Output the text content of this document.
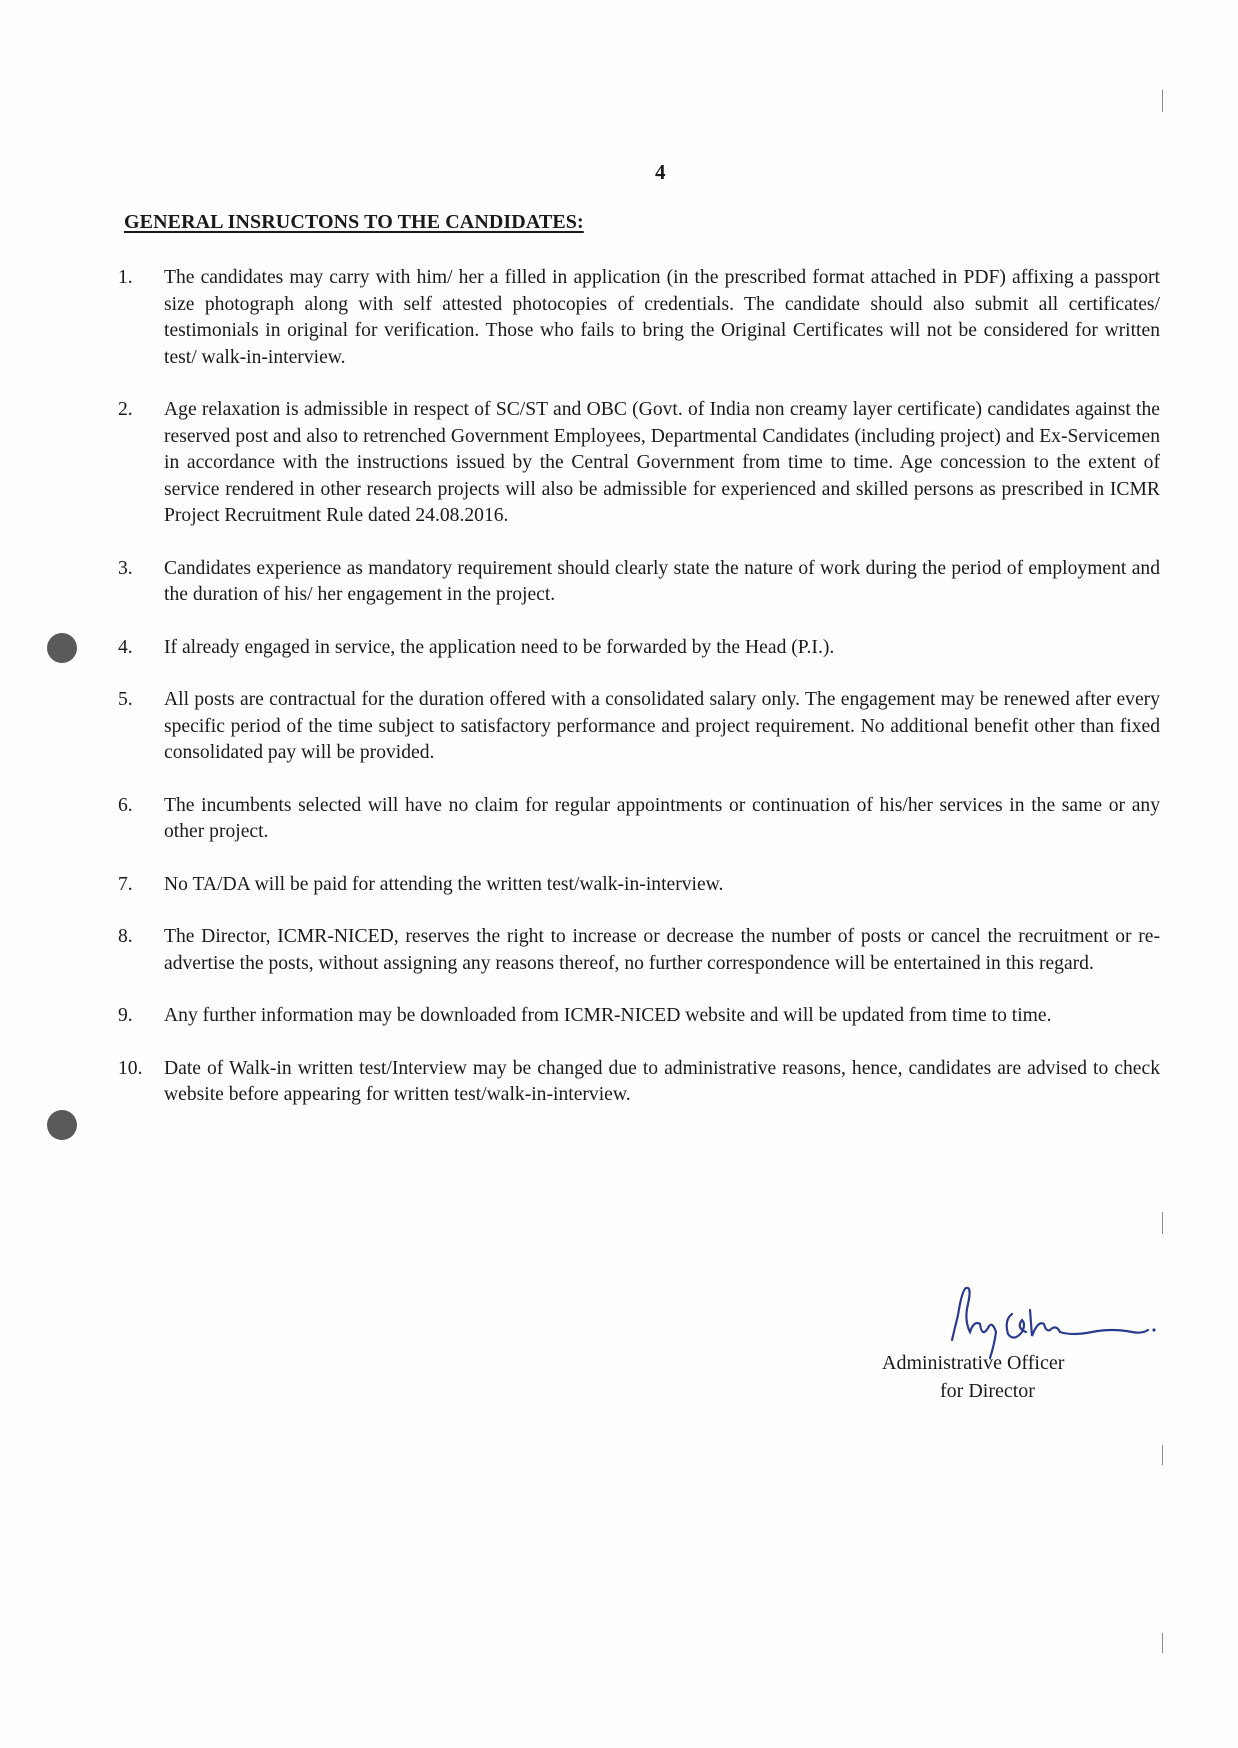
4
GENERAL INSRUCTONS TO THE CANDIDATES:
1.	The candidates may carry with him/ her a filled in application (in the prescribed format attached in PDF) affixing a passport size photograph along with self attested photocopies of credentials. The candidate should also submit all certificates/ testimonials in original for verification. Those who fails to bring the Original Certificates will not be considered for written test/ walk-in-interview.
2.	Age relaxation is admissible in respect of SC/ST and OBC (Govt. of India non creamy layer certificate) candidates against the reserved post and also to retrenched Government Employees, Departmental Candidates (including project) and Ex-Servicemen in accordance with the instructions issued by the Central Government from time to time. Age concession to the extent of service rendered in other research projects will also be admissible for experienced and skilled persons as prescribed in ICMR Project Recruitment Rule dated 24.08.2016.
3.	Candidates experience as mandatory requirement should clearly state the nature of work during the period of employment and the duration of his/ her engagement in the project.
4.	If already engaged in service, the application need to be forwarded by the Head (P.I.).
5.	All posts are contractual for the duration offered with a consolidated salary only. The engagement may be renewed after every specific period of the time subject to satisfactory performance and project requirement. No additional benefit other than fixed consolidated pay will be provided.
6.	The incumbents selected will have no claim for regular appointments or continuation of his/her services in the same or any other project.
7.	No TA/DA will be paid for attending the written test/walk-in-interview.
8.	The Director, ICMR-NICED, reserves the right to increase or decrease the number of posts or cancel the recruitment or re-advertise the posts, without assigning any reasons thereof, no further correspondence will be entertained in this regard.
9.	Any further information may be downloaded from ICMR-NICED website and will be updated from time to time.
10.	Date of Walk-in written test/Interview may be changed due to administrative reasons, hence, candidates are advised to check website before appearing for written test/walk-in-interview.
Administrative Officer
for Director
